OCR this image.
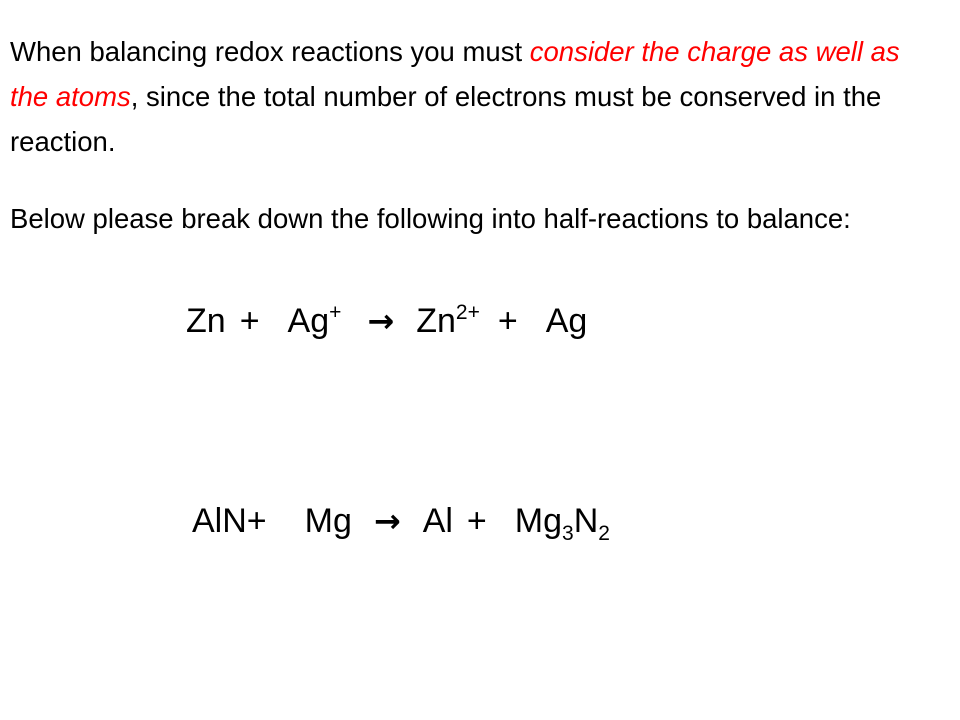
When balancing redox reactions you must consider the charge as well as the atoms, since the total number of electrons must be conserved in the reaction.

Below please break down the following into half-reactions to balance:

Zn + Ag+ → Zn2+ + Ag
AlN+ Mg → Al + Mg3N2
